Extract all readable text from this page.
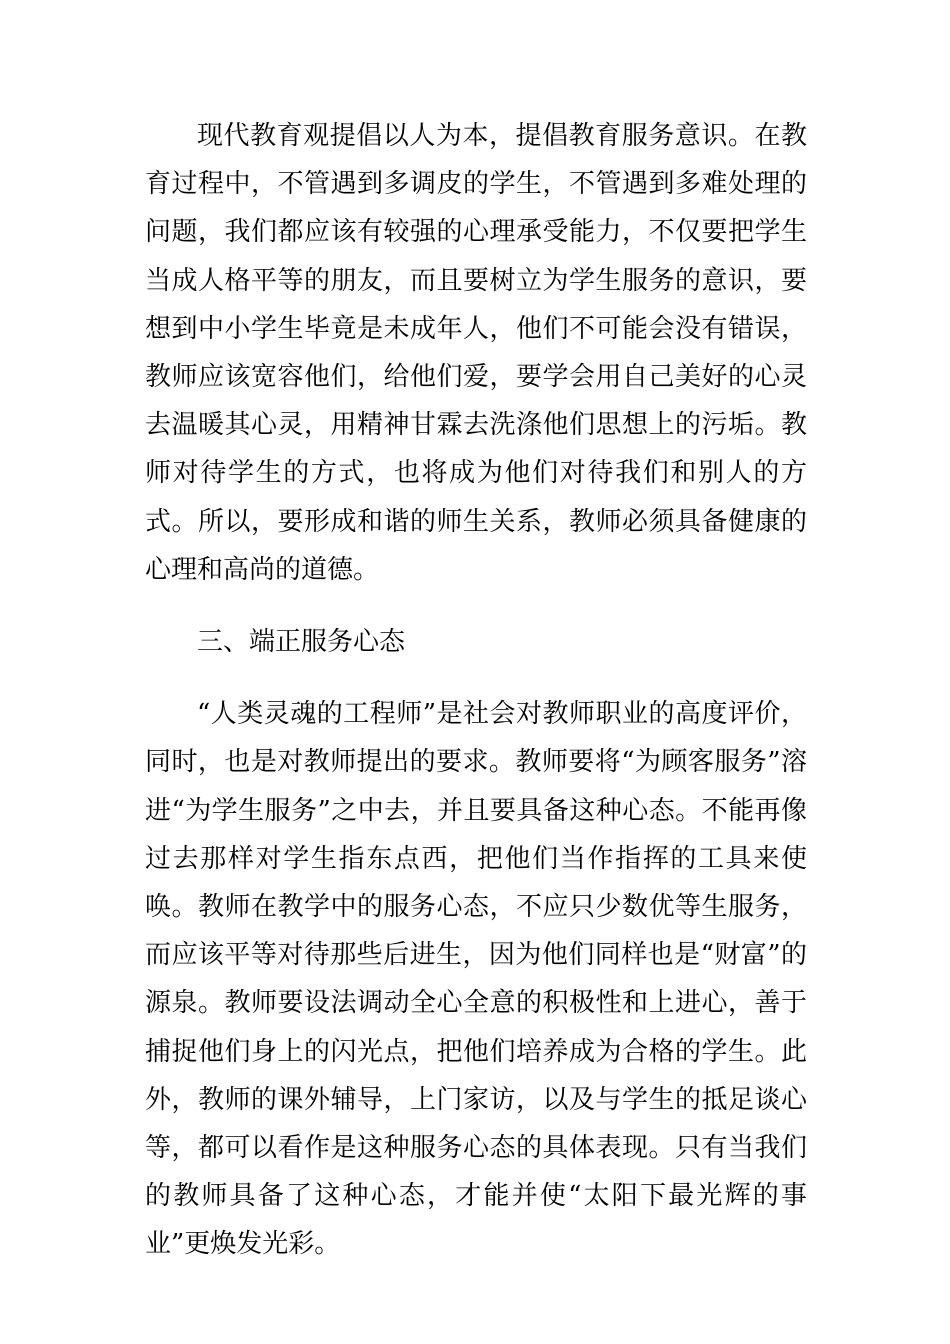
现代教育观提倡以人为本，提倡教育服务意识。在教育过程中，不管遇到多调皮的学生，不管遇到多难处理的问题，我们都应该有较强的心理承受能力，不仅要把学生当成人格平等的朋友，而且要树立为学生服务的意识，要想到中小学生毕竟是未成年人，他们不可能会没有错误，教师应该宽容他们，给他们爱，要学会用自己美好的心灵去温暖其心灵，用精神甘霖去洗涤他们思想上的污垢。教师对待学生的方式，也将成为他们对待我们和别人的方式。所以，要形成和谐的师生关系，教师必须具备健康的心理和高尚的道德。

三、端正服务心态

“人类灵魂的工程师”是社会对教师职业的高度评价，同时，也是对教师提出的要求。教师要将“为顾客服务”溶进“为学生服务”之中去，并且要具备这种心态。不能再像过去那样对学生指东点西，把他们当作指挥的工具来使唤。教师在教学中的服务心态，不应只少数优等生服务，而应该平等对待那些后进生，因为他们同样也是“财富”的源泉。教师要设法调动全心全意的积极性和上进心，善于捕捉他们身上的闪光点，把他们培养成为合格的学生。此外，教师的课外辅导，上门家访，以及与学生的抵足谈心等，都可以看作是这种服务心态的具体表现。只有当我们的教师具备了这种心态，才能并使“太阳下最光辉的事业”更焕发光彩。
